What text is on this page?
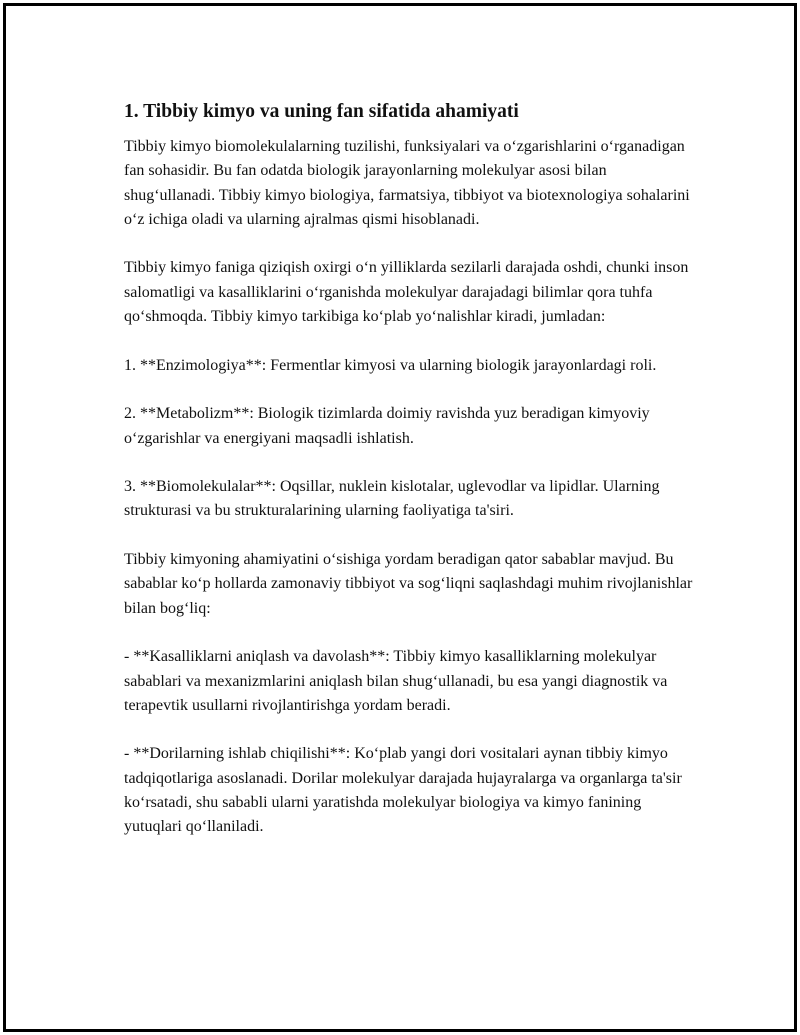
1. Tibbiy kimyo va uning fan sifatida ahamiyati

Tibbiy kimyo biomolekulalarning tuzilishi, funksiyalari va o‘zgarishlarini o‘rganadigan fan sohasidir. Bu fan odatda biologik jarayonlarning molekulyar asosi bilan shug‘ullanadi. Tibbiy kimyo biologiya, farmatsiya, tibbiyot va biotexnologiya sohalarini o‘z ichiga oladi va ularning ajralmas qismi hisoblanadi.

Tibbiy kimyo faniga qiziqish oxirgi o‘n yilliklarda sezilarli darajada oshdi, chunki inson salomatligi va kasalliklarini o‘rganishda molekulyar darajadagi bilimlar qora tuhfa qo‘shmoqda. Tibbiy kimyo tarkibiga ko‘plab yo‘nalishlar kiradi, jumladan:

1. **Enzimologiya**: Fermentlar kimyosi va ularning biologik jarayonlardagi roli.

2. **Metabolizm**: Biologik tizimlarda doimiy ravishda yuz beradigan kimyoviy o‘zgarishlar va energiyani maqsadli ishlatish.

3. **Biomolekulalar**: Oqsillar, nuklein kislotalar, uglevodlar va lipidlar. Ularning strukturasi va bu strukturalarining ularning faoliyatiga ta'siri.

Tibbiy kimyoning ahamiyatini o‘sishiga yordam beradigan qator sabablar mavjud. Bu sabablar ko‘p hollarda zamonaviy tibbiyot va sog‘liqni saqlashdagi muhim rivojlanishlar bilan bog‘liq:

- **Kasalliklarni aniqlash va davolash**: Tibbiy kimyo kasalliklarning molekulyar sabablari va mexanizmlarini aniqlash bilan shug‘ullanadi, bu esa yangi diagnostik va terapevtik usullarni rivojlantirishga yordam beradi.

- **Dorilarning ishlab chiqilishi**: Ko‘plab yangi dori vositalari aynan tibbiy kimyo tadqiqotlariga asoslanadi. Dorilar molekulyar darajada hujayralarga va organlarga ta'sir ko‘rsatadi, shu sababli ularni yaratishda molekulyar biologiya va kimyo fanining yutuqlari qo‘llaniladi.
